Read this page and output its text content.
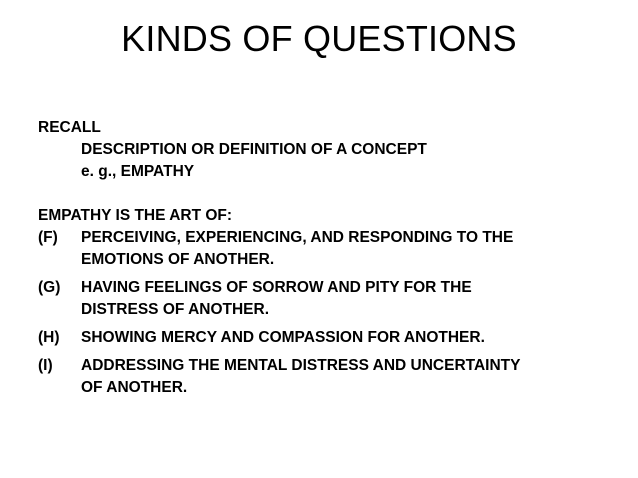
KINDS OF QUESTIONS
RECALL
DESCRIPTION OR DEFINITION OF A CONCEPT
e. g., EMPATHY
EMPATHY IS THE ART OF:
(F)	PERCEIVING, EXPERIENCING, AND RESPONDING TO THE
EMOTIONS OF ANOTHER.
(G)	HAVING FEELINGS OF SORROW AND PITY FOR THE
DISTRESS OF ANOTHER.
(H)	SHOWING MERCY AND COMPASSION FOR ANOTHER.
(I)	ADDRESSING THE MENTAL DISTRESS AND UNCERTAINTY
OF ANOTHER.
